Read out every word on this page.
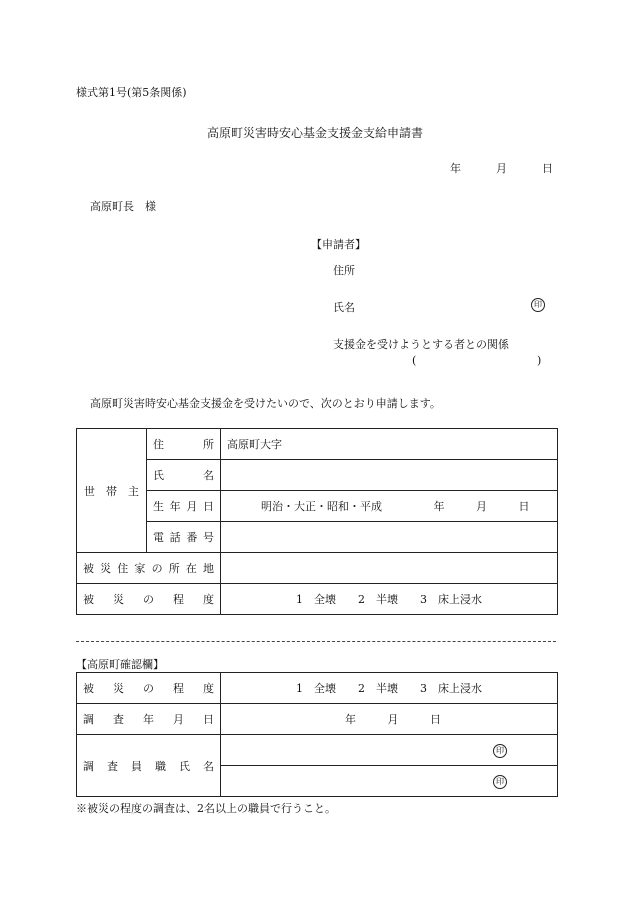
様式第1号(第5条関係)
高原町災害時安心基金支援金支給申請書
年	月	日
高原町長　様
【申請者】
住所
氏名	印
支援金を受けようとする者との関係
(	)
高原町災害時安心基金支援金を受けたいので、次のとおり申請します。
世　帯　主	住所	高原町大字
	氏名	
	生年月日	明治・大正・昭和・平成 年 月 日
	電話番号	
被災住家の所在地		
被災の程度		1　全壊　　2　半壊　　3　床上浸水
【高原町確認欄】
被災の程度	1　全壊　　2　半壊　　3　床上浸水
調査年月日	年 月 日
調査員職氏名	印

	印
※被災の程度の調査は、2名以上の職員で行うこと。
